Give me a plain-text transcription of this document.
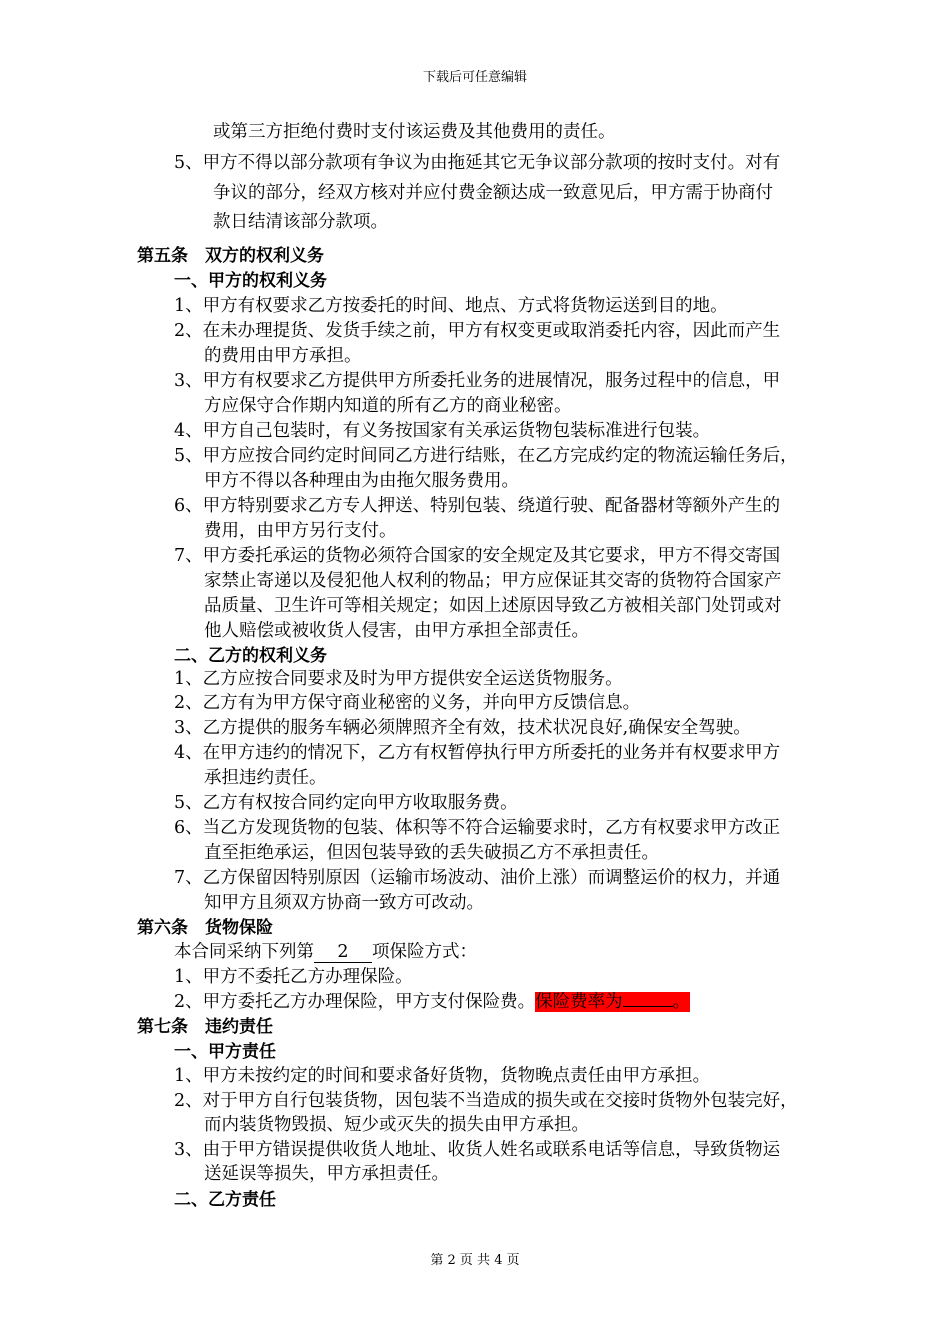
下载后可任意编辑
或第三方拒绝付费时支付该运费及其他费用的责任。
5、甲方不得以部分款项有争议为由拖延其它无争议部分款项的按时支付。对有
争议的部分，经双方核对并应付费金额达成一致意见后，甲方需于协商付
款日结清该部分款项。
第五条　双方的权利义务
一、甲方的权利义务
1、甲方有权要求乙方按委托的时间、地点、方式将货物运送到目的地。
2、在未办理提货、发货手续之前，甲方有权变更或取消委托内容，因此而产生
的费用由甲方承担。
3、甲方有权要求乙方提供甲方所委托业务的进展情况，服务过程中的信息，甲
方应保守合作期内知道的所有乙方的商业秘密。
4、甲方自己包装时，有义务按国家有关承运货物包装标准进行包装。
5、甲方应按合同约定时间同乙方进行结账，在乙方完成约定的物流运输任务后，
甲方不得以各种理由为由拖欠服务费用。
6、甲方特别要求乙方专人押送、特别包装、绕道行驶、配备器材等额外产生的
费用，由甲方另行支付。
7、甲方委托承运的货物必须符合国家的安全规定及其它要求，甲方不得交寄国
家禁止寄递以及侵犯他人权利的物品；甲方应保证其交寄的货物符合国家产
品质量、卫生许可等相关规定；如因上述原因导致乙方被相关部门处罚或对
他人赔偿或被收货人侵害，由甲方承担全部责任。
二、乙方的权利义务
1、乙方应按合同要求及时为甲方提供安全运送货物服务。
2、乙方有为甲方保守商业秘密的义务，并向甲方反馈信息。
3、乙方提供的服务车辆必须牌照齐全有效，技术状况良好,确保安全驾驶。
4、在甲方违约的情况下，乙方有权暂停执行甲方所委托的业务并有权要求甲方
承担违约责任。
5、乙方有权按合同约定向甲方收取服务费。
6、当乙方发现货物的包装、体积等不符合运输要求时，乙方有权要求甲方改正
直至拒绝承运，但因包装导致的丢失破损乙方不承担责任。
7、乙方保留因特别原因（运输市场波动、油价上涨）而调整运价的权力，并通
知甲方且须双方协商一致方可改动。
第六条　货物保险
本合同采纳下列第 2 项保险方式：
1、甲方不委托乙方办理保险。
2、甲方委托乙方办理保险，甲方支付保险费。保险费率为	。
第七条　违约责任
一、甲方责任
1、甲方未按约定的时间和要求备好货物，货物晚点责任由甲方承担。
2、对于甲方自行包装货物，因包装不当造成的损失或在交接时货物外包装完好，
而内装货物毁损、短少或灭失的损失由甲方承担。
3、由于甲方错误提供收货人地址、收货人姓名或联系电话等信息，导致货物运
送延误等损失，甲方承担责任。
二、乙方责任
第 2 页 共 4 页
